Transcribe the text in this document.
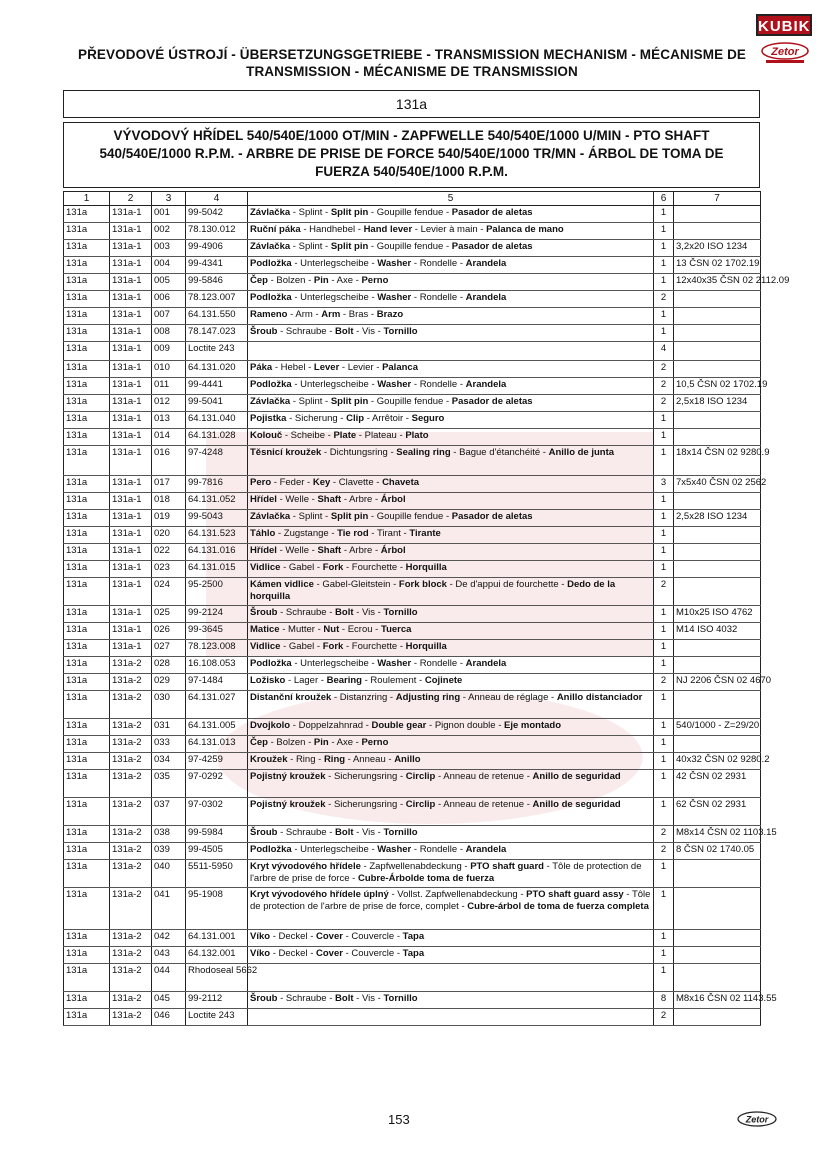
KUBIK
Zetor
PŘEVODOVÉ ÚSTROJÍ - ÜBERSETZUNGSGETRIEBE - TRANSMISSION MECHANISM - MÉCANISME DE
TRANSMISSION - MÉCANISME DE TRANSMISSION
131a
VÝVODOVÝ HŘÍDEL 540/540E/1000 OT/MIN - ZAPFWELLE 540/540E/1000 U/MIN - PTO SHAFT
540/540E/1000 R.P.M. - ARBRE DE PRISE DE FORCE 540/540E/1000 TR/MN - ÁRBOL DE TOMA DE
FUERZA 540/540E/1000 R.P.M.
1	2	3	4	5	6	7
131a	131a-1	001	99-5042	Závlačka - Splint - Split pin - Goupille fendue - Pasador de aletas	1	
131a	131a-1	002	78.130.012	Ruční páka - Handhebel - Hand lever - Levier à main - Palanca de mano	1	
131a	131a-1	003	99-4906	Závlačka - Splint - Split pin - Goupille fendue - Pasador de aletas	1	3,2x20 ISO 1234
131a	131a-1	004	99-4341	Podložka - Unterlegscheibe - Washer - Rondelle - Arandela	1	13 ČSN 02 1702.19
131a	131a-1	005	99-5846	Čep - Bolzen - Pin - Axe - Perno	1	12x40x35 ČSN 02 2112.09
131a	131a-1	006	78.123.007	Podložka - Unterlegscheibe - Washer - Rondelle - Arandela	2	
131a	131a-1	007	64.131.550	Rameno - Arm - Arm - Bras - Brazo	1	
131a	131a-1	008	78.147.023	Šroub - Schraube - Bolt - Vis - Tornillo	1	
131a	131a-1	009	Loctite 243		4	
131a	131a-1	010	64.131.020	Páka - Hebel - Lever - Levier - Palanca	2	
131a	131a-1	011	99-4441	Podložka - Unterlegscheibe - Washer - Rondelle - Arandela	2	10,5 ČSN 02 1702.19
131a	131a-1	012	99-5041	Závlačka - Splint - Split pin - Goupille fendue - Pasador de aletas	2	2,5x18 ISO 1234
131a	131a-1	013	64.131.040	Pojistka - Sicherung - Clip - Arrêtoir - Seguro	1	
131a	131a-1	014	64.131.028	Kolouč - Scheibe - Plate - Plateau - Plato	1	
131a	131a-1	016	97-4248	Těsnicí kroužek - Dichtungsring - Sealing ring - Bague d'étanchéité - Anillo de junta	1	18x14 ČSN 02 9280.9
131a	131a-1	017	99-7816	Pero - Feder - Key - Clavette - Chaveta	3	7x5x40 ČSN 02 2562
131a	131a-1	018	64.131.052	Hřídel - Welle - Shaft - Arbre - Árbol	1	
131a	131a-1	019	99-5043	Závlačka - Splint - Split pin - Goupille fendue - Pasador de aletas	1	2,5x28 ISO 1234
131a	131a-1	020	64.131.523	Táhlo - Zugstange - Tie rod - Tirant - Tirante	1	
131a	131a-1	022	64.131.016	Hřídel - Welle - Shaft - Arbre - Árbol	1	
131a	131a-1	023	64.131.015	Vidlice - Gabel - Fork - Fourchette - Horquilla	1	
131a	131a-1	024	95-2500	Kámen vidlice - Gabel-Gleitstein - Fork block - De d'appui de fourchette - Dedo de la horquilla	2	
131a	131a-1	025	99-2124	Šroub - Schraube - Bolt - Vis - Tornillo	1	M10x25 ISO 4762
131a	131a-1	026	99-3645	Matice - Mutter - Nut - Ecrou - Tuerca	1	M14 ISO 4032
131a	131a-1	027	78.123.008	Vidlice - Gabel - Fork - Fourchette - Horquilla	1	
131a	131a-2	028	16.108.053	Podložka - Unterlegscheibe - Washer - Rondelle - Arandela	1	
131a	131a-2	029	97-1484	Ložisko - Lager - Bearing - Roulement - Cojinete	2	NJ 2206 ČSN 02 4670
131a	131a-2	030	64.131.027	Distanční kroužek - Distanzring - Adjusting ring - Anneau de réglage - Anillo distanciador	1	
131a	131a-2	031	64.131.005	Dvojkolo - Doppelzahnrad - Double gear - Pignon double - Eje montado	1	540/1000 - Z=29/20
131a	131a-2	033	64.131.013	Čep - Bolzen - Pin - Axe - Perno	1	
131a	131a-2	034	97-4259	Kroužek - Ring - Ring - Anneau - Anillo	1	40x32 ČSN 02 9280.2
131a	131a-2	035	97-0292	Pojistný kroužek - Sicherungsring - Circlip - Anneau de retenue - Anillo de seguridad	1	42 ČSN 02 2931
131a	131a-2	037	97-0302	Pojistný kroužek - Sicherungsring - Circlip - Anneau de retenue - Anillo de seguridad	1	62 ČSN 02 2931
131a	131a-2	038	99-5984	Šroub - Schraube - Bolt - Vis - Tornillo	2	M8x14 ČSN 02 1103.15
131a	131a-2	039	99-4505	Podložka - Unterlegscheibe - Washer - Rondelle - Arandela	2	8 ČSN 02 1740.05
131a	131a-2	040	5511-5950	Kryt vývodového hřídele - Zapfwellenabdeckung - PTO shaft guard - Tôle de protection de l'arbre de prise de force - Cubre-Árbolde toma de fuerza	1	
131a	131a-2	041	95-1908	Kryt vývodového hřídele úplný - Vollst. Zapfwellenabdeckung - PTO shaft guard assy - Tôle de protection de l'arbre de prise de force, complet - Cubre-árbol de toma de fuerza completa	1	
131a	131a-2	042	64.131.001	Víko - Deckel - Cover - Couvercle - Tapa	1	
131a	131a-2	043	64.132.001	Víko - Deckel - Cover - Couvercle - Tapa	1	
131a	131a-2	044	Rhodoseal 5662		1	
131a	131a-2	045	99-2112	Šroub - Schraube - Bolt - Vis - Tornillo	8	M8x16 ČSN 02 1143.55
131a	131a-2	046	Loctite 243		2	
153	Zetor
